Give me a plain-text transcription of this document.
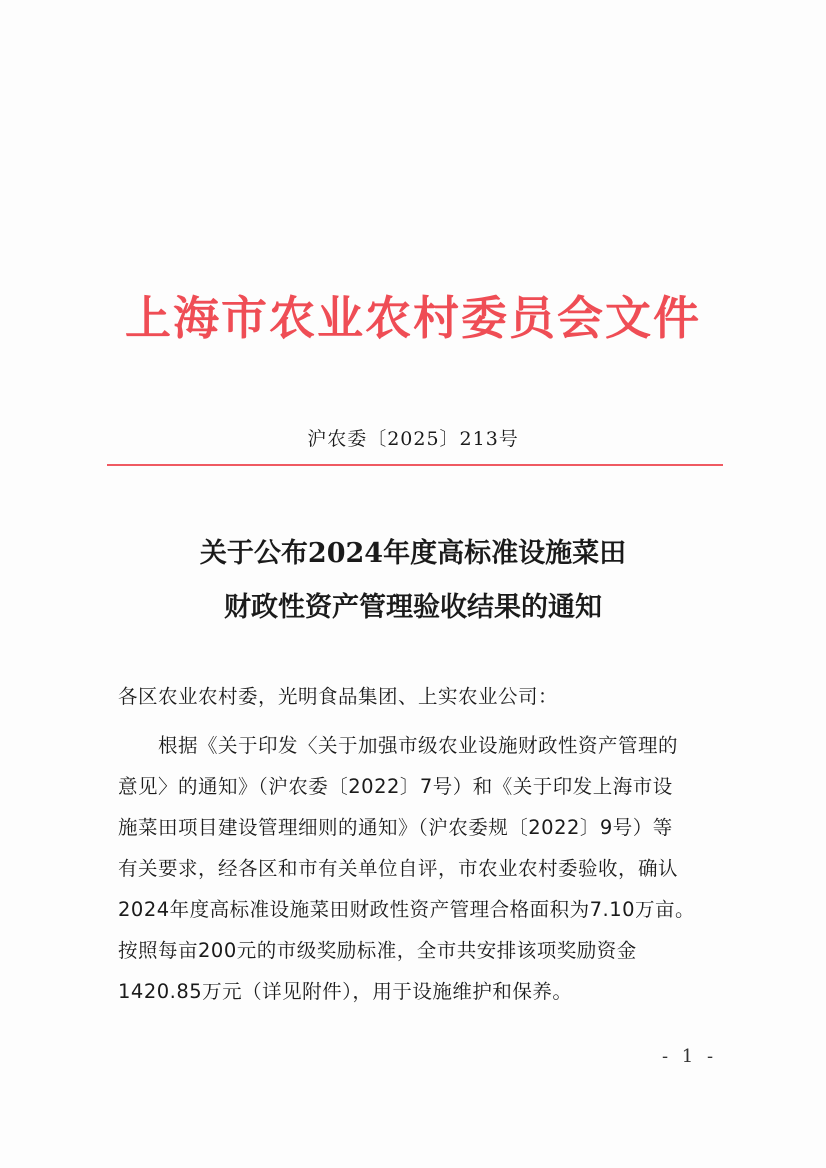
上海市农业农村委员会文件
沪农委〔2025〕213号
关于公布2024年度高标准设施菜田
财政性资产管理验收结果的通知
各区农业农村委，光明食品集团、上实农业公司：
　　根据《关于印发〈关于加强市级农业设施财政性资产管理的
意见〉的通知》（沪农委〔2022〕7号）和《关于印发上海市设
施菜田项目建设管理细则的通知》（沪农委规〔2022〕9号）等
有关要求，经各区和市有关单位自评，市农业农村委验收，确认
2024年度高标准设施菜田财政性资产管理合格面积为7.10万亩。
按照每亩200元的市级奖励标准，全市共安排该项奖励资金
1420.85万元（详见附件），用于设施维护和保养。
- 1 -
